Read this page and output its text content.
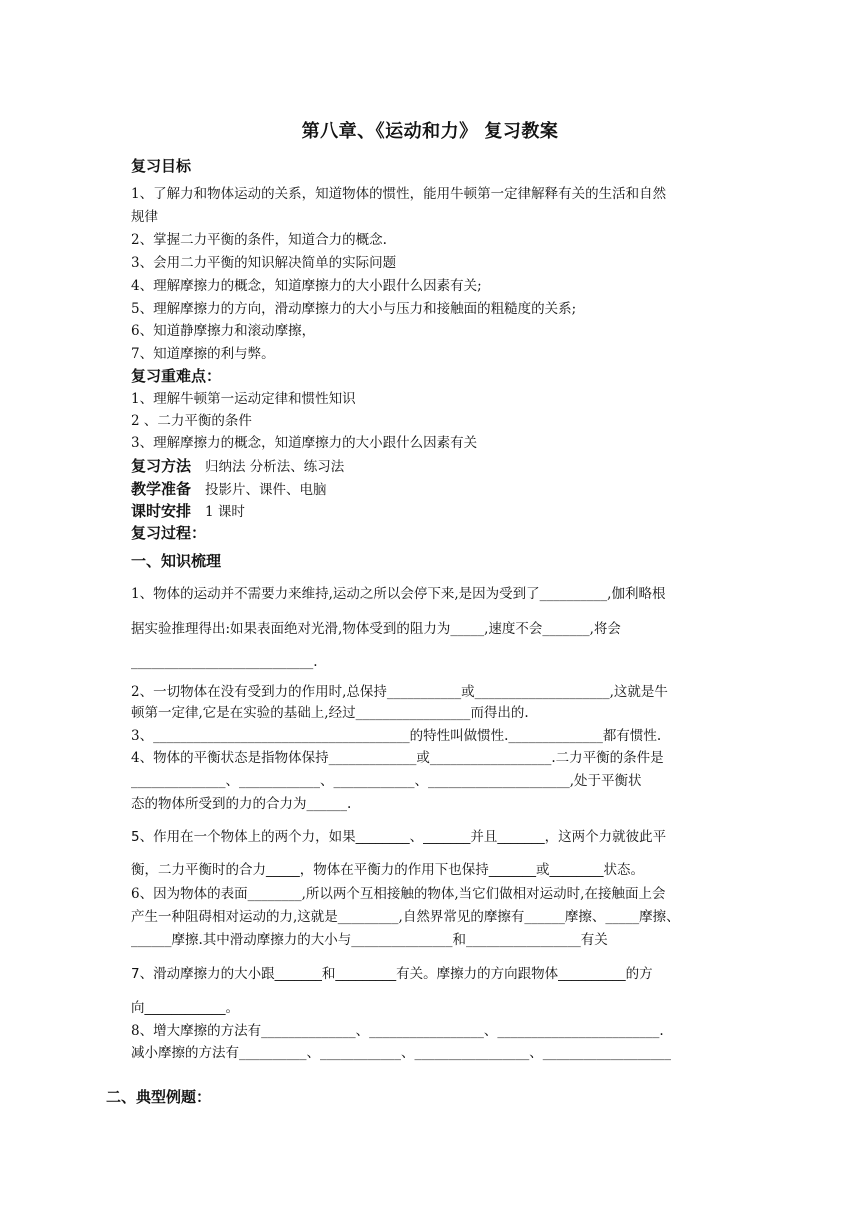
第八章、《运动和力》 复习教案
复习目标
1、了解力和物体运动的关系，知道物体的惯性，能用牛顿第一定律解释有关的生活和自然
规律
2、掌握二力平衡的条件，知道合力的概念.
3、会用二力平衡的知识解决简单的实际问题
4、理解摩擦力的概念，知道摩擦力的大小跟什么因素有关;
5、理解摩擦力的方向，滑动摩擦力的大小与压力和接触面的粗糙度的关系;
6、知道静摩擦力和滚动摩擦，
7、知道摩擦的利与弊。
复习重难点：
1、理解牛顿第一运动定律和惯性知识
2 、二力平衡的条件
3、理解摩擦力的概念，知道摩擦力的大小跟什么因素有关
复习方法 归纳法 分析法、练习法
教学准备 投影片、课件、电脑
课时安排 1 课时
复习过程：
一、知识梳理
1、物体的运动并不需要力来维持,运动之所以会停下来,是因为受到了__________,伽利略根
据实验推理得出:如果表面绝对光滑,物体受到的阻力为_____,速度不会_______,将会
___________________________.
2、一切物体在没有受到力的作用时,总保持___________或____________________,这就是牛
顿第一定律,它是在实验的基础上,经过_________________而得出的.
3、______________________________________的特性叫做惯性.______________都有惯性.
4、物体的平衡状态是指物体保持_____________或__________________.二力平衡的条件是
______________、____________、____________、_____________________,处于平衡状
态的物体所受到的力的合力为______.
5、作用在一个物体上的两个力，如果________、_______并且_______，这两个力就彼此平
衡，二力平衡时的合力_____，物体在平衡力的作用下也保持_______或________状态。
6、因为物体的表面________,所以两个互相接触的物体,当它们做相对运动时,在接触面上会
产生一种阻碍相对运动的力,这就是_________,自然界常见的摩擦有______摩擦、_____摩擦、
______摩擦.其中滑动摩擦力的大小与_______________和_________________有关
7、滑动摩擦力的大小跟_______和_________有关。摩擦力的方向跟物体__________的方
向____________。
8、增大摩擦的方法有______________、_________________、________________________.
减小摩擦的方法有__________、____________、_________________、___________________
二、典型例题：
